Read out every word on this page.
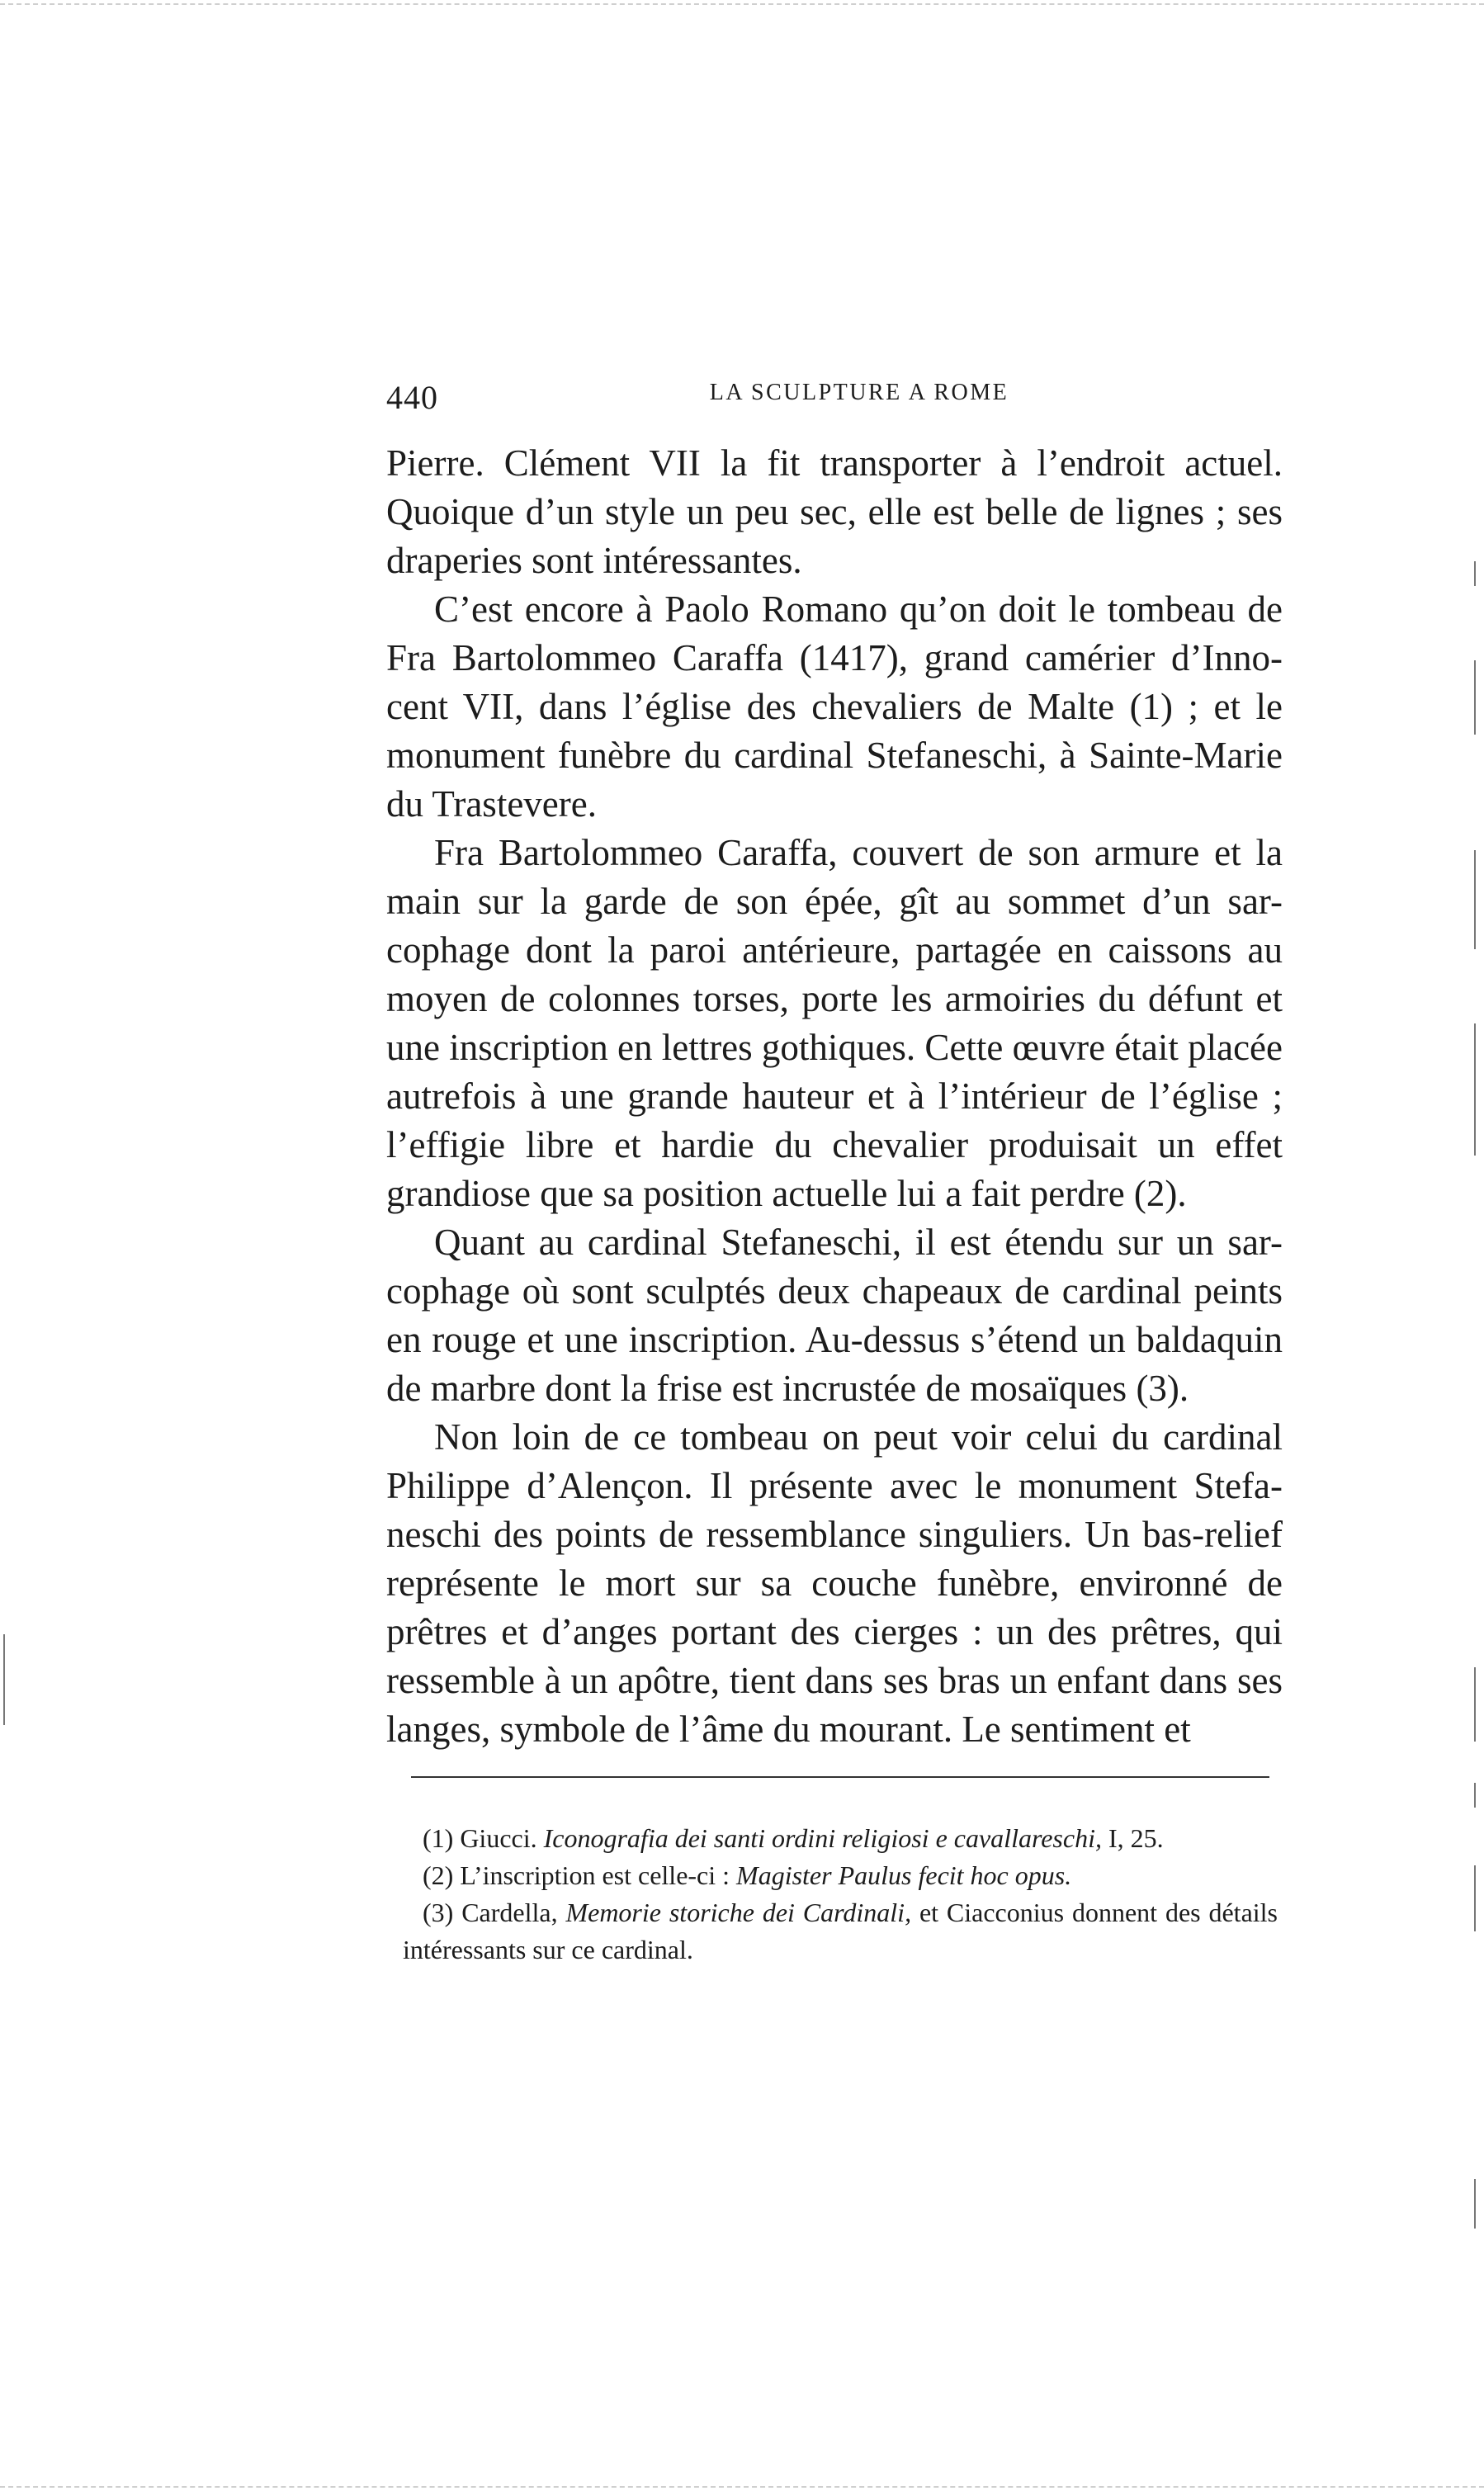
440	LA SCULPTURE A ROME

Pierre. Clément VII la fit transporter à l’endroit actuel. Quoique d’un style un peu sec, elle est belle de lignes ; ses draperies sont intéressantes.

C’est encore à Paolo Romano qu’on doit le tombeau de Fra Bartolommeo Caraffa (1417), grand camérier d’Inno-cent VII, dans l’église des chevaliers de Malte (1) ; et le monument funèbre du cardinal Stefaneschi, à Sainte-Marie du Trastevere.

Fra Bartolommeo Caraffa, couvert de son armure et la main sur la garde de son épée, gît au sommet d’un sar-cophage dont la paroi antérieure, partagée en caissons au moyen de colonnes torses, porte les armoiries du défunt et une inscription en lettres gothiques. Cette œuvre était placée autrefois à une grande hauteur et à l’intérieur de l’église ; l’effigie libre et hardie du chevalier produisait un effet grandiose que sa position actuelle lui a fait perdre (2).

Quant au cardinal Stefaneschi, il est étendu sur un sar-cophage où sont sculptés deux chapeaux de cardinal peints en rouge et une inscription. Au-dessus s’étend un baldaquin de marbre dont la frise est incrustée de mosaïques (3).

Non loin de ce tombeau on peut voir celui du cardinal Philippe d’Alençon. Il présente avec le monument Stefa-neschi des points de ressemblance singuliers. Un bas-relief représente le mort sur sa couche funèbre, environné de prêtres et d’anges portant des cierges : un des prêtres, qui ressemble à un apôtre, tient dans ses bras un enfant dans ses langes, symbole de l’âme du mourant. Le sentiment et

(1) Giucci. Iconografia dei santi ordini religiosi e cavallareschi, I, 25.

(2) L’inscription est celle-ci : Magister Paulus fecit hoc opus.

(3) Cardella, Memorie storiche dei Cardinali, et Ciacconius donnent des détails intéressants sur ce cardinal.
